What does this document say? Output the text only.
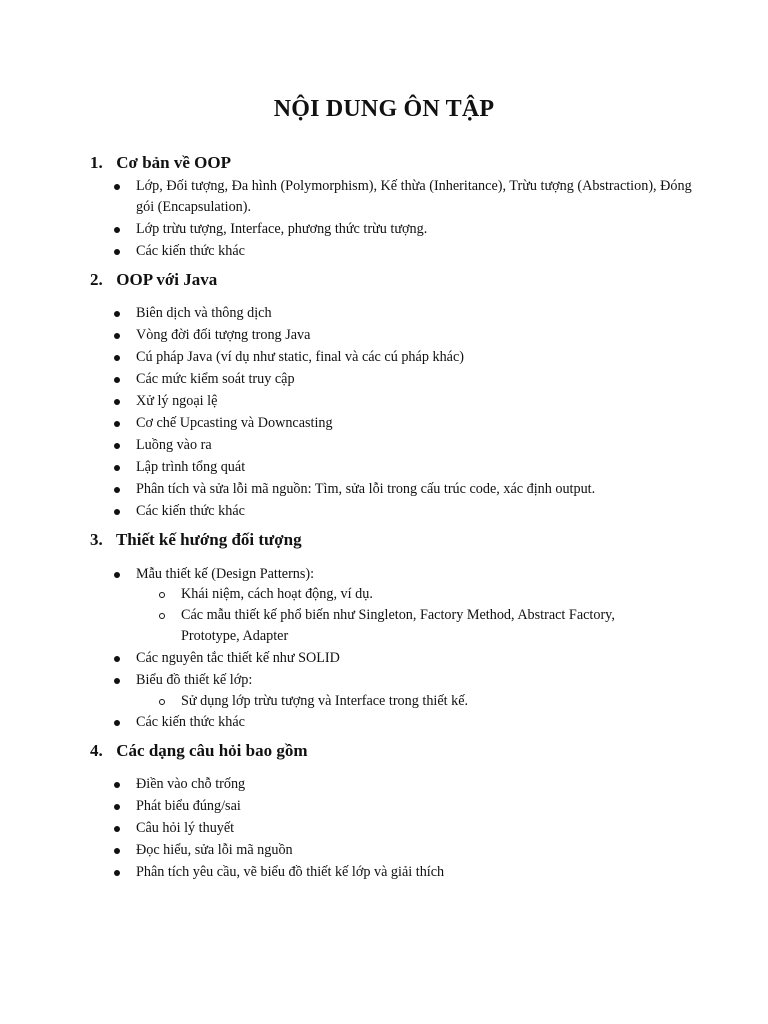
NỘI DUNG ÔN TẬP
1. Cơ bản về OOP
Lớp, Đối tượng, Đa hình (Polymorphism), Kế thừa (Inheritance), Trừu tượng (Abstraction), Đóng gói (Encapsulation).
Lớp trừu tượng, Interface, phương thức trừu tượng.
Các kiến thức khác
2. OOP với Java
Biên dịch và thông dịch
Vòng đời đối tượng trong Java
Cú pháp Java (ví dụ như static, final và các cú pháp khác)
Các mức kiểm soát truy cập
Xử lý ngoại lệ
Cơ chế Upcasting và Downcasting
Luồng vào ra
Lập trình tổng quát
Phân tích và sửa lỗi mã nguồn: Tìm, sửa lỗi trong cấu trúc code, xác định output.
Các kiến thức khác
3. Thiết kế hướng đối tượng
Mẫu thiết kế (Design Patterns):
Khái niệm, cách hoạt động, ví dụ.
Các mẫu thiết kế phổ biến như Singleton, Factory Method, Abstract Factory, Prototype, Adapter
Các nguyên tắc thiết kế như SOLID
Biểu đồ thiết kế lớp:
Sử dụng lớp trừu tượng và Interface trong thiết kế.
Các kiến thức khác
4. Các dạng câu hỏi bao gồm
Điền vào chỗ trống
Phát biểu đúng/sai
Câu hỏi lý thuyết
Đọc hiểu, sửa lỗi mã nguồn
Phân tích yêu cầu, vẽ biểu đồ thiết kế lớp và giải thích
